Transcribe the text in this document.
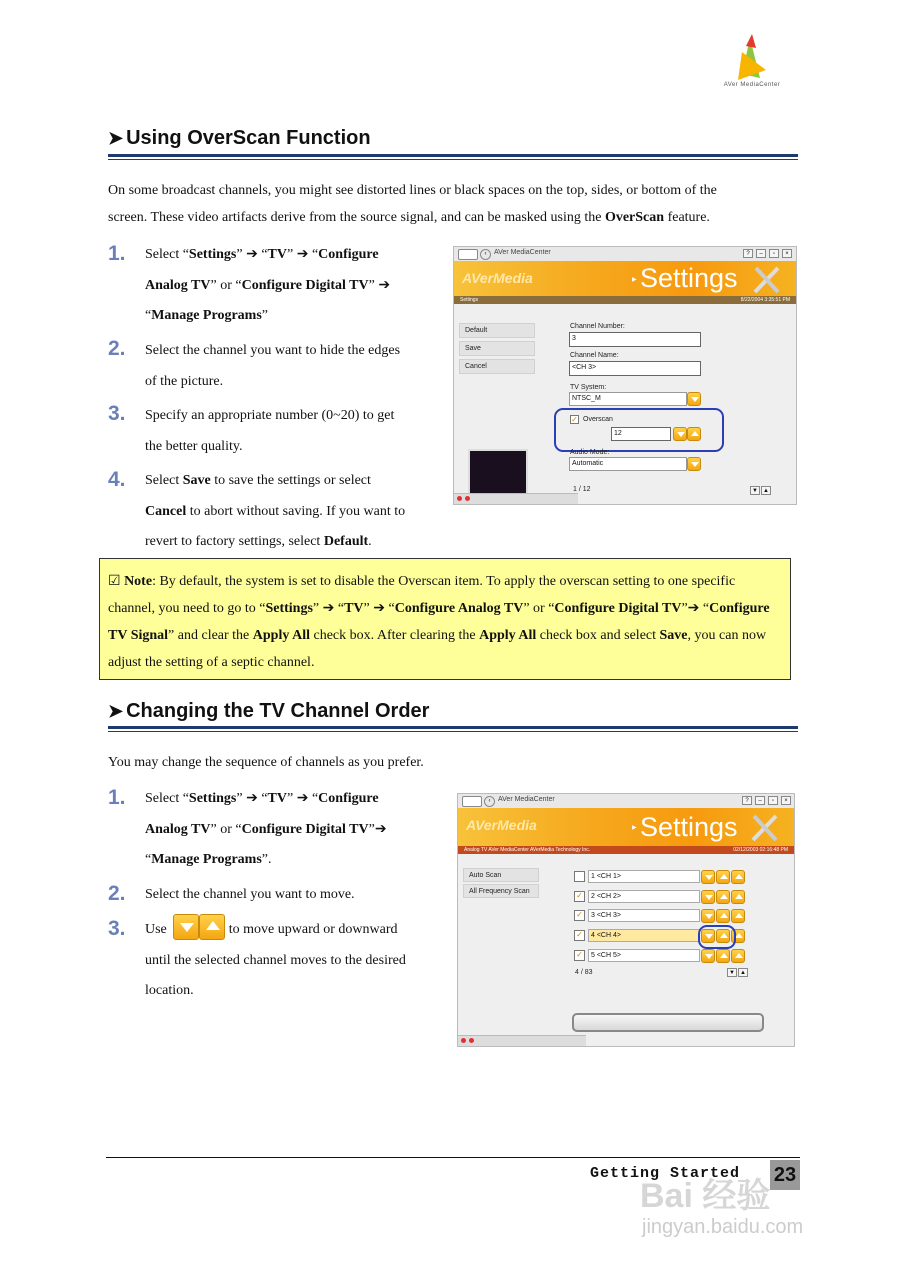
AVer MediaCenter
➤ Using OverScan Function
On some broadcast channels, you might see distorted lines or black spaces on the top, sides, or bottom of the
screen. These video artifacts derive from the source signal, and can be masked using the OverScan feature.
1. Select “Settings” ➔ “TV” ➔ “Configure
Analog TV” or “Configure Digital TV” ➔
“Manage Programs”
2. Select the channel you want to hide the edges
of the picture.
3. Specify an appropriate number (0~20) to get
the better quality.
4. Select Save to save the settings or select
Cancel to abort without saving. If you want to
revert to factory settings, select Default.
‹	AVer MediaCenter	?	–	▫	×
AVerMedia	▶ Settings
Settings	8/22/2004 3:35:51 PM
Default
Save
Cancel
Channel Number:
3
Channel Name:
<CH 3>
TV System:
NTSC_M
✓ Overscan
12
Audio Mode:
Automatic
1 / 12	▼ ▲
☑ Note: By default, the system is set to disable the Overscan item. To apply the overscan setting to one specific channel, you need to go to “Settings” ➔ “TV” ➔ “Configure Analog TV” or “Configure Digital TV”➔ “Configure TV Signal” and clear the Apply All check box. After clearing the Apply All check box and select Save, you can now adjust the setting of a septic channel.
➤ Changing the TV Channel Order
You may change the sequence of channels as you prefer.
1. Select “Settings” ➔ “TV” ➔ “Configure
Analog TV” or “Configure Digital TV”➔
“Manage Programs”.
2. Select the channel you want to move.
3. Use	to move upward or downward
until the selected channel moves to the desired
location.
‹	AVer MediaCenter	?	–	▫	×
AVerMedia	▶ Settings
Analog TV AVer MediaCenter AVerMedia Technology Inc.	02/12/2003 02:16:48 PM
Auto Scan
All Frequency Scan
1 <CH 1>
✓	2 <CH 2>
✓	3 <CH 3>
✓	4 <CH 4>
✓	5 <CH 5>
4 / 83	▼ ▲
Bai 经验
Getting Started 23
jingyan.baidu.com
